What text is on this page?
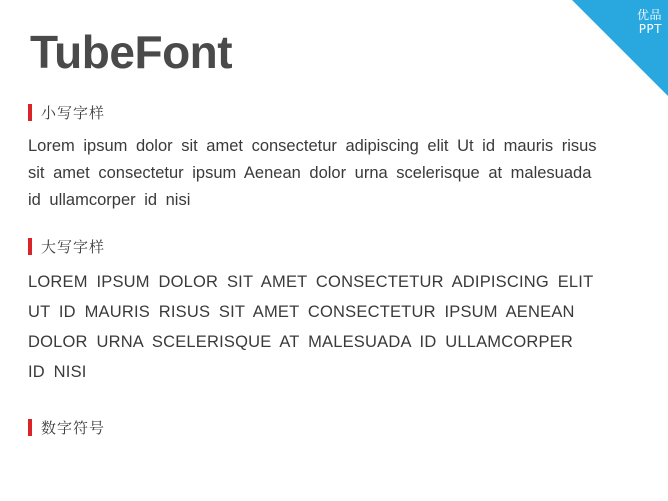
TubeFont
小写字样
Lorem ipsum dolor sit amet consectetur adipiscing elit Ut id mauris risus sit amet consectetur ipsum Aenean dolor urna scelerisque at malesuada id ullamcorper id nisi
大写字样
LOREM IPSUM DOLOR SIT AMET CONSECTETUR ADIPISCING ELIT UT ID MAURIS RISUS SIT AMET CONSECTETUR IPSUM AENEAN DOLOR URNA SCELERISQUE AT MALESUADA ID ULLAMCORPER ID NISI
数字符号
优品
PPT
